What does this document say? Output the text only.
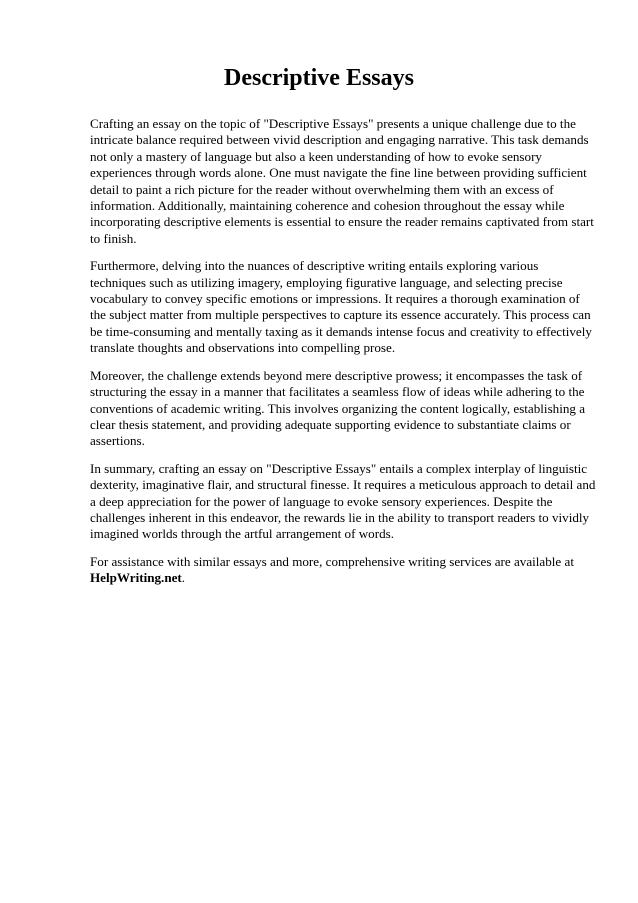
Descriptive Essays

Crafting an essay on the topic of "Descriptive Essays" presents a unique challenge due to the intricate balance required between vivid description and engaging narrative. This task demands not only a mastery of language but also a keen understanding of how to evoke sensory experiences through words alone. One must navigate the fine line between providing sufficient detail to paint a rich picture for the reader without overwhelming them with an excess of information. Additionally, maintaining coherence and cohesion throughout the essay while incorporating descriptive elements is essential to ensure the reader remains captivated from start to finish.

Furthermore, delving into the nuances of descriptive writing entails exploring various techniques such as utilizing imagery, employing figurative language, and selecting precise vocabulary to convey specific emotions or impressions. It requires a thorough examination of the subject matter from multiple perspectives to capture its essence accurately. This process can be time-consuming and mentally taxing as it demands intense focus and creativity to effectively translate thoughts and observations into compelling prose.

Moreover, the challenge extends beyond mere descriptive prowess; it encompasses the task of structuring the essay in a manner that facilitates a seamless flow of ideas while adhering to the conventions of academic writing. This involves organizing the content logically, establishing a clear thesis statement, and providing adequate supporting evidence to substantiate claims or assertions.

In summary, crafting an essay on "Descriptive Essays" entails a complex interplay of linguistic dexterity, imaginative flair, and structural finesse. It requires a meticulous approach to detail and a deep appreciation for the power of language to evoke sensory experiences. Despite the challenges inherent in this endeavor, the rewards lie in the ability to transport readers to vividly imagined worlds through the artful arrangement of words.

For assistance with similar essays and more, comprehensive writing services are available at HelpWriting.net.
